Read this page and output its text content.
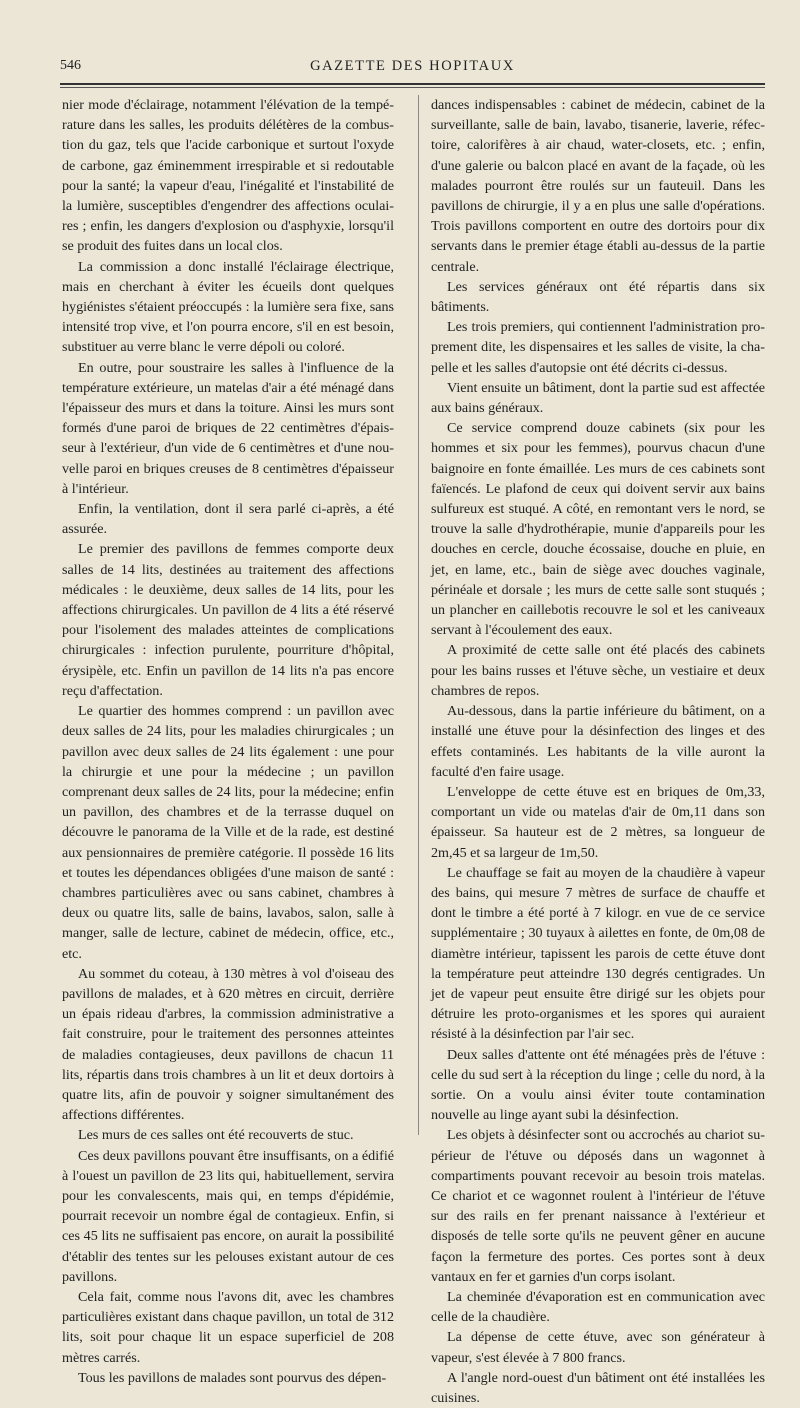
546	GAZETTE DES HOPITAUX

nier mode d'éclairage, notamment l'élévation de la température dans les salles, les produits délétères de la combustion du gaz, tels que l'acide carbonique et surtout l'oxyde de carbone, gaz éminemment irrespirable et si redoutable pour la santé; la vapeur d'eau, l'inégalité et l'instabilité de la lumière, susceptibles d'engendrer des affections oculaires ; enfin, les dangers d'explosion ou d'asphyxie, lorsqu'il se produit des fuites dans un local clos.

La commission a donc installé l'éclairage électrique, mais en cherchant à éviter les écueils dont quelques hygiénistes s'étaient préoccupés : la lumière sera fixe, sans intensité trop vive, et l'on pourra encore, s'il en est besoin, substituer au verre blanc le verre dépoli ou coloré.

En outre, pour soustraire les salles à l'influence de la température extérieure, un matelas d'air a été ménagé dans l'épaisseur des murs et dans la toiture. Ainsi les murs sont formés d'une paroi de briques de 22 centimètres d'épaisseur à l'extérieur, d'un vide de 6 centimètres et d'une nouvelle paroi en briques creuses de 8 centimètres d'épaisseur à l'intérieur.

Enfin, la ventilation, dont il sera parlé ci-après, a été assurée.

Le premier des pavillons de femmes comporte deux salles de 14 lits, destinées au traitement des affections médicales : le deuxième, deux salles de 14 lits, pour les affections chirurgicales. Un pavillon de 4 lits a été réservé pour l'isolement des malades atteintes de complications chirurgicales : infection purulente, pourriture d'hôpital, érysipèle, etc. Enfin un pavillon de 14 lits n'a pas encore reçu d'affectation.

Le quartier des hommes comprend : un pavillon avec deux salles de 24 lits, pour les maladies chirurgicales ; un pavillon avec deux salles de 24 lits également : une pour la chirurgie et une pour la médecine ; un pavillon comprenant deux salles de 24 lits, pour la médecine; enfin un pavillon, des chambres et de la terrasse duquel on découvre le panorama de la Ville et de la rade, est destiné aux pensionnaires de première catégorie. Il possède 16 lits et toutes les dépendances obligées d'une maison de santé : chambres particulières avec ou sans cabinet, chambres à deux ou quatre lits, salle de bains, lavabos, salon, salle à manger, salle de lecture, cabinet de médecin, office, etc., etc.

Au sommet du coteau, à 130 mètres à vol d'oiseau des pavillons de malades, et à 620 mètres en circuit, derrière un épais rideau d'arbres, la commission administrative a fait construire, pour le traitement des personnes atteintes de maladies contagieuses, deux pavillons de chacun 11 lits, répartis dans trois chambres à un lit et deux dortoirs à quatre lits, afin de pouvoir y soigner simultanément des affections différentes.

Les murs de ces salles ont été recouverts de stuc.

Ces deux pavillons pouvant être insuffisants, on a édifié à l'ouest un pavillon de 23 lits qui, habituellement, servira pour les convalescents, mais qui, en temps d'épidémie, pourrait recevoir un nombre égal de contagieux. Enfin, si ces 45 lits ne suffisaient pas encore, on aurait la possibilité d'établir des tentes sur les pelouses existant autour de ces pavillons.

Cela fait, comme nous l'avons dit, avec les chambres particulières existant dans chaque pavillon, un total de 312 lits, soit pour chaque lit un espace superficiel de 208 mètres carrés.

Tous les pavillons de malades sont pourvus des dépen-

dances indispensables : cabinet de médecin, cabinet de la surveillante, salle de bain, lavabo, tisanerie, laverie, réfectoire, calorifères à air chaud, water-closets, etc. ; enfin, d'une galerie ou balcon placé en avant de la façade, où les malades pourront être roulés sur un fauteuil. Dans les pavillons de chirurgie, il y a en plus une salle d'opérations. Trois pavillons comportent en outre des dortoirs pour dix servants dans le premier étage établi au-dessus de la partie centrale.

Les services généraux ont été répartis dans six bâtiments.

Les trois premiers, qui contiennent l'administration proprement dite, les dispensaires et les salles de visite, la chapelle et les salles d'autopsie ont été décrits ci-dessus.

Vient ensuite un bâtiment, dont la partie sud est affectée aux bains généraux.

Ce service comprend douze cabinets (six pour les hommes et six pour les femmes), pourvus chacun d'une baignoire en fonte émaillée. Les murs de ces cabinets sont faïencés. Le plafond de ceux qui doivent servir aux bains sulfureux est stuqué. A côté, en remontant vers le nord, se trouve la salle d'hydrothérapie, munie d'appareils pour les douches en cercle, douche écossaise, douche en pluie, en jet, en lame, etc., bain de siège avec douches vaginale, périnéale et dorsale ; les murs de cette salle sont stuqués ; un plancher en caillebotis recouvre le sol et les caniveaux servant à l'écoulement des eaux.

A proximité de cette salle ont été placés des cabinets pour les bains russes et l'étuve sèche, un vestiaire et deux chambres de repos.

Au-dessous, dans la partie inférieure du bâtiment, on a installé une étuve pour la désinfection des linges et des effets contaminés. Les habitants de la ville auront la faculté d'en faire usage.

L'enveloppe de cette étuve est en briques de 0m,33, comportant un vide ou matelas d'air de 0m,11 dans son épaisseur. Sa hauteur est de 2 mètres, sa longueur de 2m,45 et sa largeur de 1m,50.

Le chauffage se fait au moyen de la chaudière à vapeur des bains, qui mesure 7 mètres de surface de chauffe et dont le timbre a été porté à 7 kilogr. en vue de ce service supplémentaire ; 30 tuyaux à ailettes en fonte, de 0m,08 de diamètre intérieur, tapissent les parois de cette étuve dont la température peut atteindre 130 degrés centigrades. Un jet de vapeur peut ensuite être dirigé sur les objets pour détruire les proto-organismes et les spores qui auraient résisté à la désinfection par l'air sec.

Deux salles d'attente ont été ménagées près de l'étuve : celle du sud sert à la réception du linge ; celle du nord, à la sortie. On a voulu ainsi éviter toute contamination nouvelle au linge ayant subi la désinfection.

Les objets à désinfecter sont ou accrochés au chariot supérieur de l'étuve ou déposés dans un wagonnet à compartiments pouvant recevoir au besoin trois matelas. Ce chariot et ce wagonnet roulent à l'intérieur de l'étuve sur des rails en fer prenant naissance à l'extérieur et disposés de telle sorte qu'ils ne peuvent gêner en aucune façon la fermeture des portes. Ces portes sont à deux vantaux en fer et garnies d'un corps isolant.

La cheminée d'évaporation est en communication avec celle de la chaudière.

La dépense de cette étuve, avec son générateur à vapeur, s'est élevée à 7 800 francs.

A l'angle nord-ouest d'un bâtiment ont été installées les cuisines.
